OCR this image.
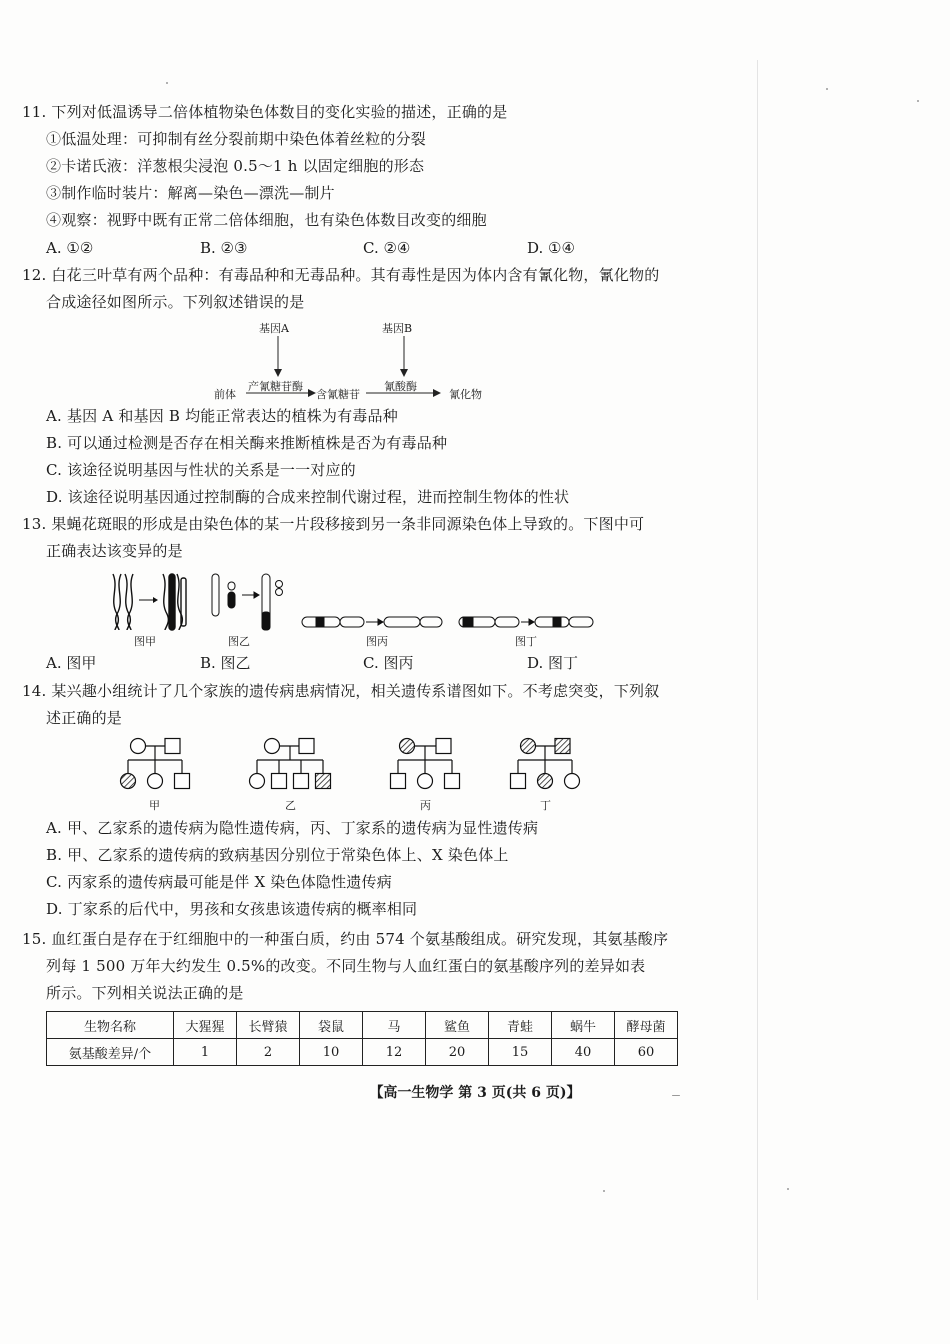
11. 下列对低温诱导二倍体植物染色体数目的变化实验的描述，正确的是
①低温处理：可抑制有丝分裂前期中染色体着丝粒的分裂
②卡诺氏液：洋葱根尖浸泡 0.5～1 h 以固定细胞的形态
③制作临时装片：解离—染色—漂洗—制片
④观察：视野中既有正常二倍体细胞，也有染色体数目改变的细胞
A. ①②	B. ②③	C. ②④	D. ①④
12. 白花三叶草有两个品种：有毒品种和无毒品种。其有毒性是因为体内含有氰化物，氰化物的
合成途径如图所示。下列叙述错误的是
基因A	基因B
前体
产氰糖苷酶
含氰糖苷
氰酸酶
氰化物
A. 基因 A 和基因 B 均能正常表达的植株为有毒品种
B. 可以通过检测是否存在相关酶来推断植株是否为有毒品种
C. 该途径说明基因与性状的关系是一一对应的
D. 该途径说明基因通过控制酶的合成来控制代谢过程，进而控制生物体的性状
13. 果蝇花斑眼的形成是由染色体的某一片段移接到另一条非同源染色体上导致的。下图中可
正确表达该变异的是
图甲	图乙	图丙	图丁
A. 图甲	B. 图乙	C. 图丙	D. 图丁
14. 某兴趣小组统计了几个家族的遗传病患病情况，相关遗传系谱图如下。不考虑突变，下列叙
述正确的是
甲	乙	丙	丁
A. 甲、乙家系的遗传病为隐性遗传病，丙、丁家系的遗传病为显性遗传病
B. 甲、乙家系的遗传病的致病基因分别位于常染色体上、X 染色体上
C. 丙家系的遗传病最可能是伴 X 染色体隐性遗传病
D. 丁家系的后代中，男孩和女孩患该遗传病的概率相同
15. 血红蛋白是存在于红细胞中的一种蛋白质，约由 574 个氨基酸组成。研究发现，其氨基酸序
列每 1 500 万年大约发生 0.5%的改变。不同生物与人血红蛋白的氨基酸序列的差异如表
所示。下列相关说法正确的是
生物名称	大猩猩	长臂猿	袋鼠	马	鲨鱼	青蛙	蜗牛	酵母菌
氨基酸差异/个	1	2	10	12	20	15	40	60
【高一生物学 第 3 页(共 6 页)】
